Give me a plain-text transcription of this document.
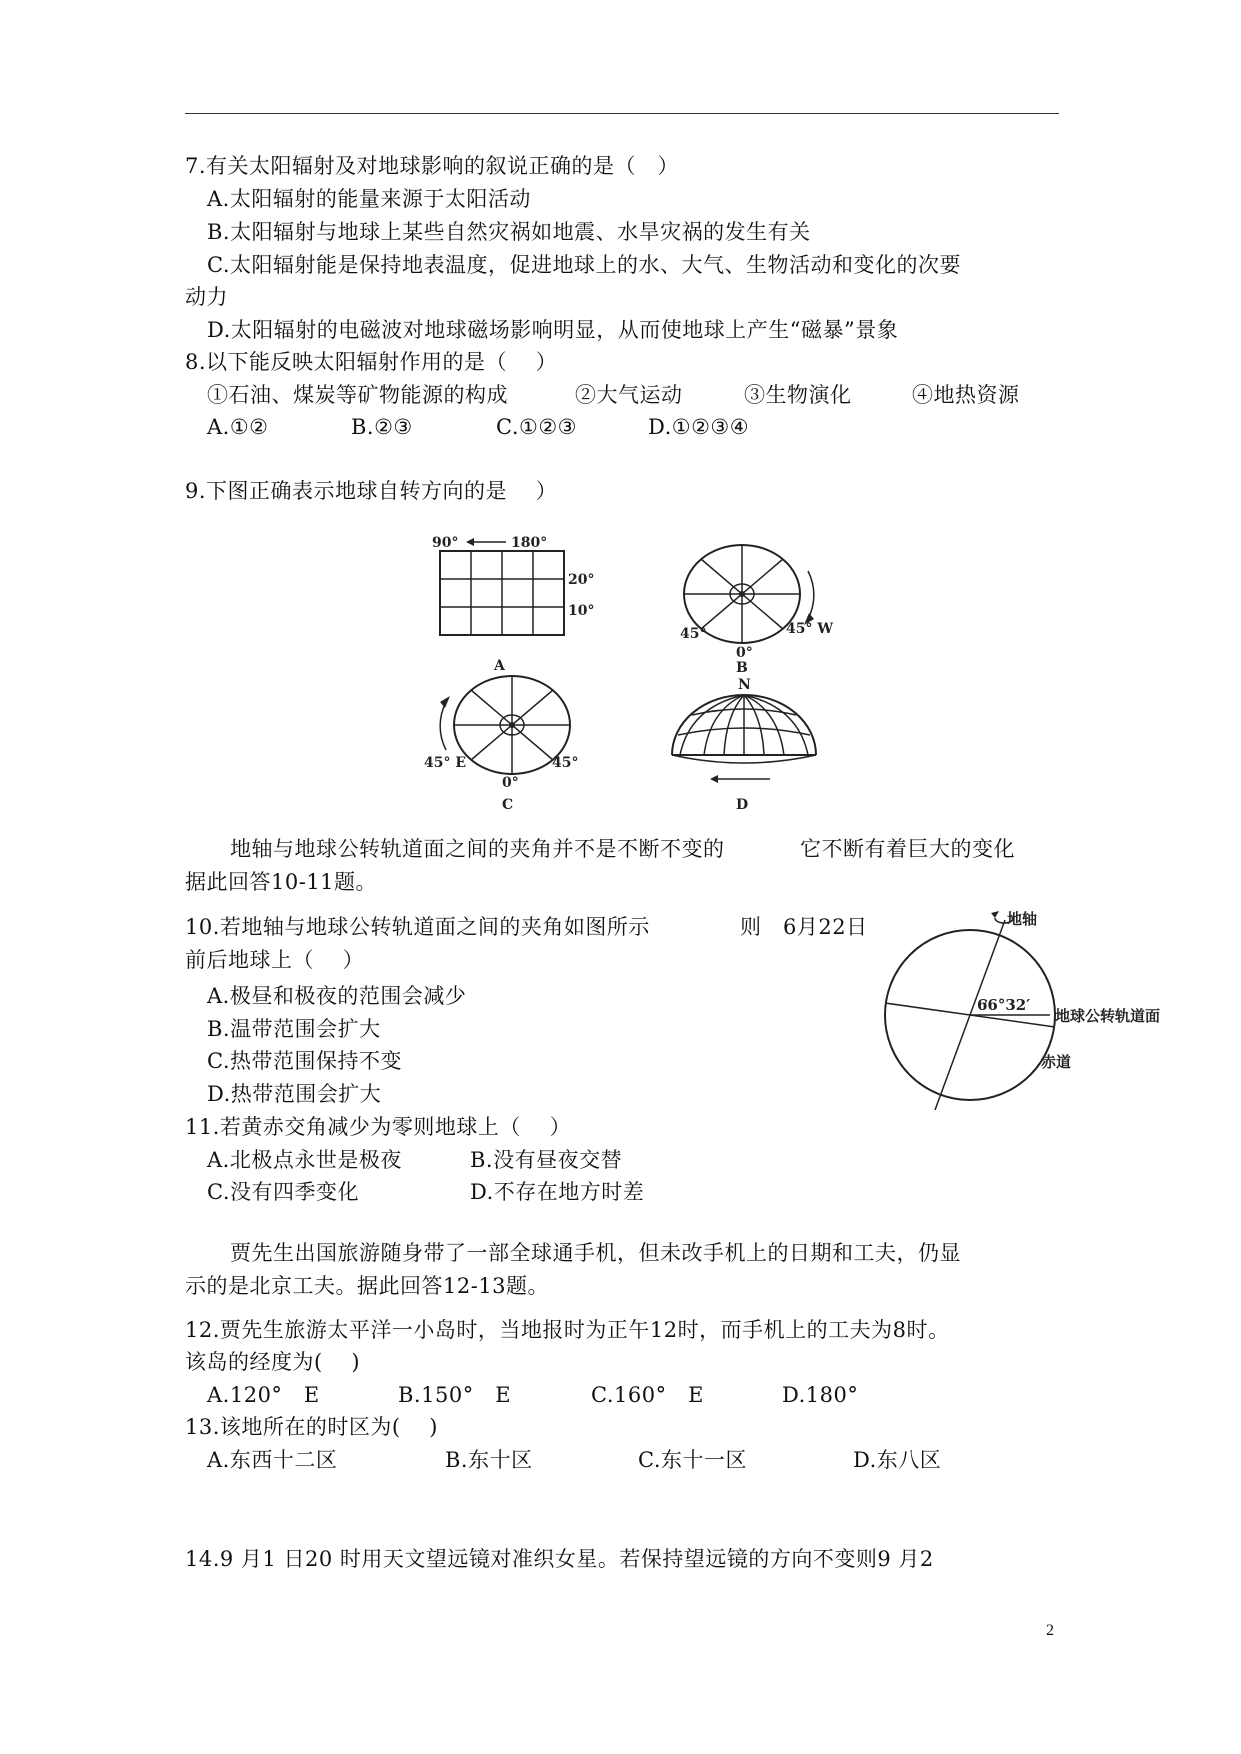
7.有关太阳辐射及对地球影响的叙说正确的是（　）
A.太阳辐射的能量来源于太阳活动
B.太阳辐射与地球上某些自然灾祸如地震、水旱灾祸的发生有关
C.太阳辐射能是保持地表温度，促进地球上的水、大气、生物活动和变化的次要
动力
D.太阳辐射的电磁波对地球磁场影响明显，从而使地球上产生“磁暴”景象
8.以下能反映太阳辐射作用的是（　 ）
①石油、煤炭等矿物能源的构成	②大气运动	③生物演化	④地热资源
A.①②	B.②③	C.①②③	D.①②③④
9.下图正确表示地球自转方向的是　 ）
90°	180°
20°
10°
A
45°
0°
45° W
B
45° E
0°
45°
C
N
D
地轴与地球公转轨道面之间的夹角并不是不断不变的	它不断有着巨大的变化
据此回答10-11题。
10.若地轴与地球公转轨道面之间的夹角如图所示	则　6月22日
前后地球上（　 ）
A.极昼和极夜的范围会减少
B.温带范围会扩大
C.热带范围保持不变
D.热带范围会扩大
地轴
66°32′
地球公转轨道面
赤道
11.若黄赤交角减少为零则地球上（　 ）
A.北极点永世是极夜	B.没有昼夜交替
C.没有四季变化	D.不存在地方时差
贾先生出国旅游随身带了一部全球通手机，但未改手机上的日期和工夫，仍显
示的是北京工夫。据此回答12-13题。
12.贾先生旅游太平洋一小岛时，当地报时为正午12时，而手机上的工夫为8时。
该岛的经度为(　 )
A.120°　E	B.150°　E	C.160°　E	D.180°
13.该地所在的时区为(　 )
A.东西十二区	B.东十区	C.东十一区	D.东八区
14.9 月1 日20 时用天文望远镜对准织女星。若保持望远镜的方向不变则9 月2
2
